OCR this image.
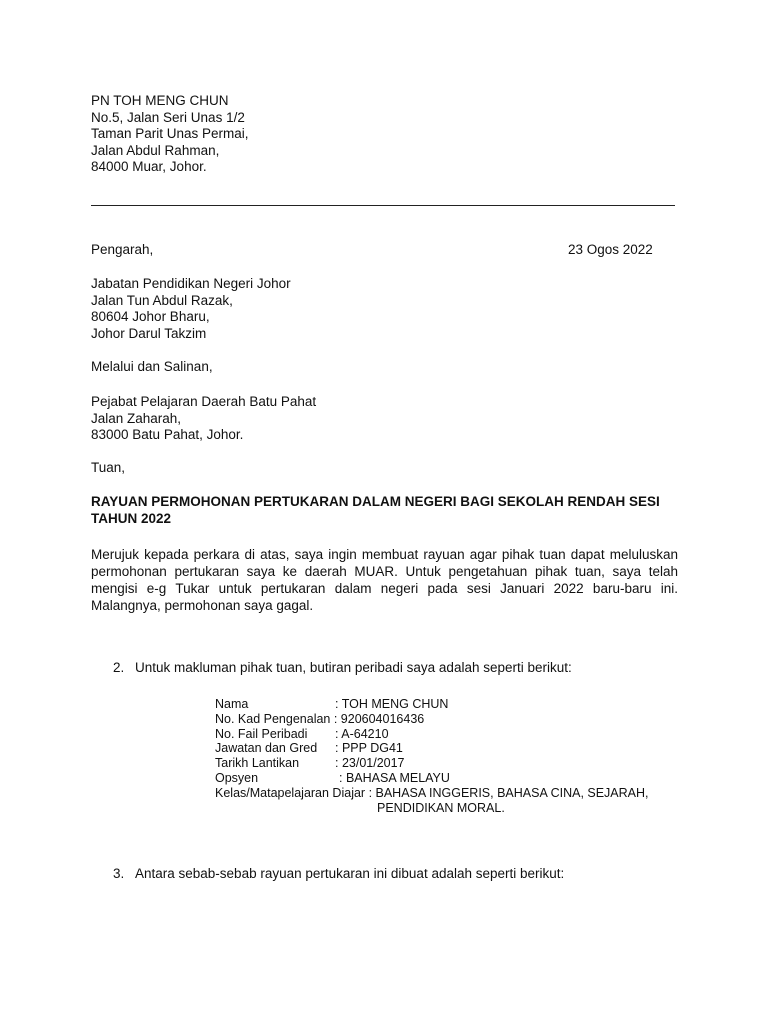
PN TOH MENG CHUN
No.5, Jalan Seri Unas 1/2
Taman Parit Unas Permai,
Jalan Abdul Rahman,
84000 Muar, Johor.
Pengarah,	23 Ogos 2022
Jabatan Pendidikan Negeri Johor
Jalan Tun Abdul Razak,
80604 Johor Bharu,
Johor Darul Takzim
Melalui dan Salinan,
Pejabat Pelajaran Daerah Batu Pahat
Jalan Zaharah,
83000 Batu Pahat, Johor.
Tuan,
RAYUAN PERMOHONAN PERTUKARAN DALAM NEGERI BAGI SEKOLAH RENDAH SESI TAHUN 2022
Merujuk kepada perkara di atas, saya ingin membuat rayuan agar pihak tuan dapat meluluskan permohonan pertukaran saya ke daerah MUAR. Untuk pengetahuan pihak tuan, saya telah mengisi e-g Tukar untuk pertukaran dalam negeri pada sesi Januari 2022 baru-baru ini. Malangnya, permohonan saya gagal.
2. Untuk makluman pihak tuan, butiran peribadi saya adalah seperti berikut:
Nama	: TOH MENG CHUN
No. Kad Pengenalan : 920604016436
No. Fail Peribadi : A-64210
Jawatan dan Gred : PPP DG41
Tarikh Lantikan	: 23/01/2017
Opsyen	: BAHASA MELAYU
Kelas/Matapelajaran Diajar : BAHASA INGGERIS, BAHASA CINA, SEJARAH,
PENDIDIKAN MORAL.
3. Antara sebab-sebab rayuan pertukaran ini dibuat adalah seperti berikut:
